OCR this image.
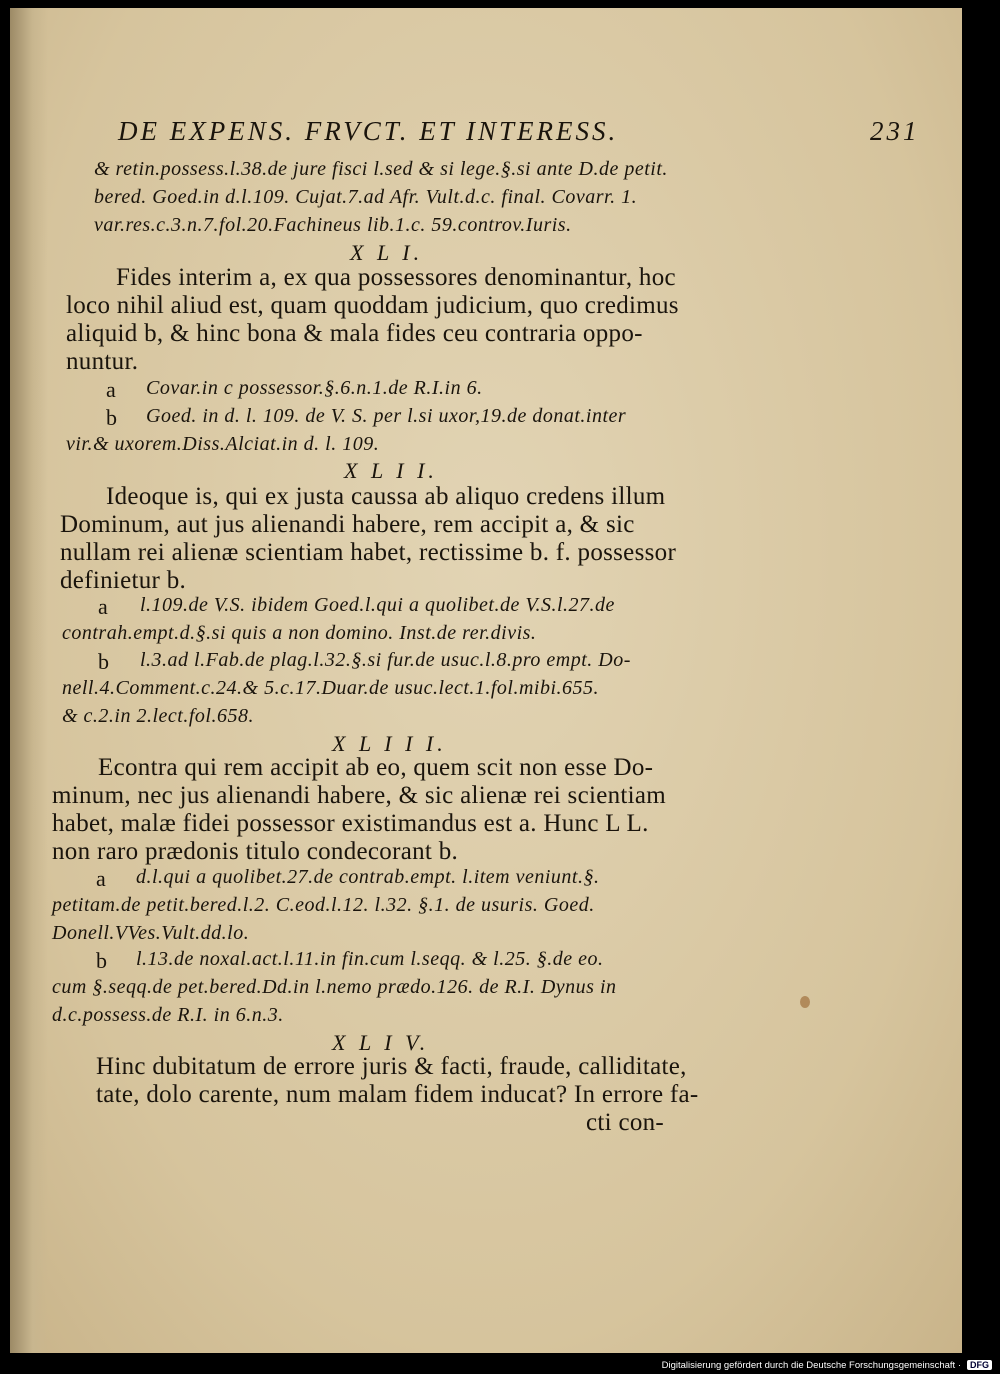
DE EXPENS. FRVCT. ET INTERESS.	231
& retin.possess.l.38.de jure fisci l.sed & si lege.§.si ante D.de petit.
bered. Goed.in d.l.109. Cujat.7.ad Afr. Vult.d.c. final. Covarr. 1.
var.res.c.3.n.7.fol.20.Fachineus lib.1.c. 59.controv.Iuris.
X L I.
Fides interim a, ex qua possessores denominantur, hoc
loco nihil aliud est, quam quoddam judicium, quo credimus
aliquid b, & hinc bona & mala fides ceu contraria oppo-
nuntur.
a Covar.in c possessor.§.6.n.1.de R.I.in 6.
b Goed. in d. l. 109. de V. S. per l.si uxor,19.de donat.inter
vir.& uxorem.Diss.Alciat.in d. l. 109.
X L I I.
Ideoque is, qui ex justa caussa ab aliquo credens illum
Dominum, aut jus alienandi habere, rem accipit a, & sic
nullam rei alienæ scientiam habet, rectissime b. f. possessor
definietur b.
a l.109.de V.S. ibidem Goed.l.qui a quolibet.de V.S.l.27.de
contrah.empt.d.§.si quis a non domino. Inst.de rer.divis.
b l.3.ad l.Fab.de plag.l.32.§.si fur.de usuc.l.8.pro empt. Do-
nell.4.Comment.c.24.& 5.c.17.Duar.de usuc.lect.1.fol.mibi.655.
& c.2.in 2.lect.fol.658.
X L I I I.
Econtra qui rem accipit ab eo, quem scit non esse Do-
minum, nec jus alienandi habere, & sic alienæ rei scientiam
habet, malæ fidei possessor existimandus est a. Hunc L L.
non raro prædonis titulo condecorant b.
a d.l.qui a quolibet.27.de contrab.empt. l.item veniunt.§.
petitam.de petit.bered.l.2. C.eod.l.12. l.32. §.1. de usuris. Goed.
Donell.VVes.Vult.dd.lo.
b l.13.de noxal.act.l.11.in fin.cum l.seqq. & l.25. §.de eo.
cum §.seqq.de pet.bered.Dd.in l.nemo prædo.126. de R.I. Dynus in
d.c.possess.de R.I. in 6.n.3.
X L I V.
Hinc dubitatum de errore juris & facti, fraude, calliditate,
tate, dolo carente, num malam fidem inducat? In errore fa-
cti con-
Digitalisierung gefördert durch die Deutsche Forschungsgemeinschaft ·	DFG
